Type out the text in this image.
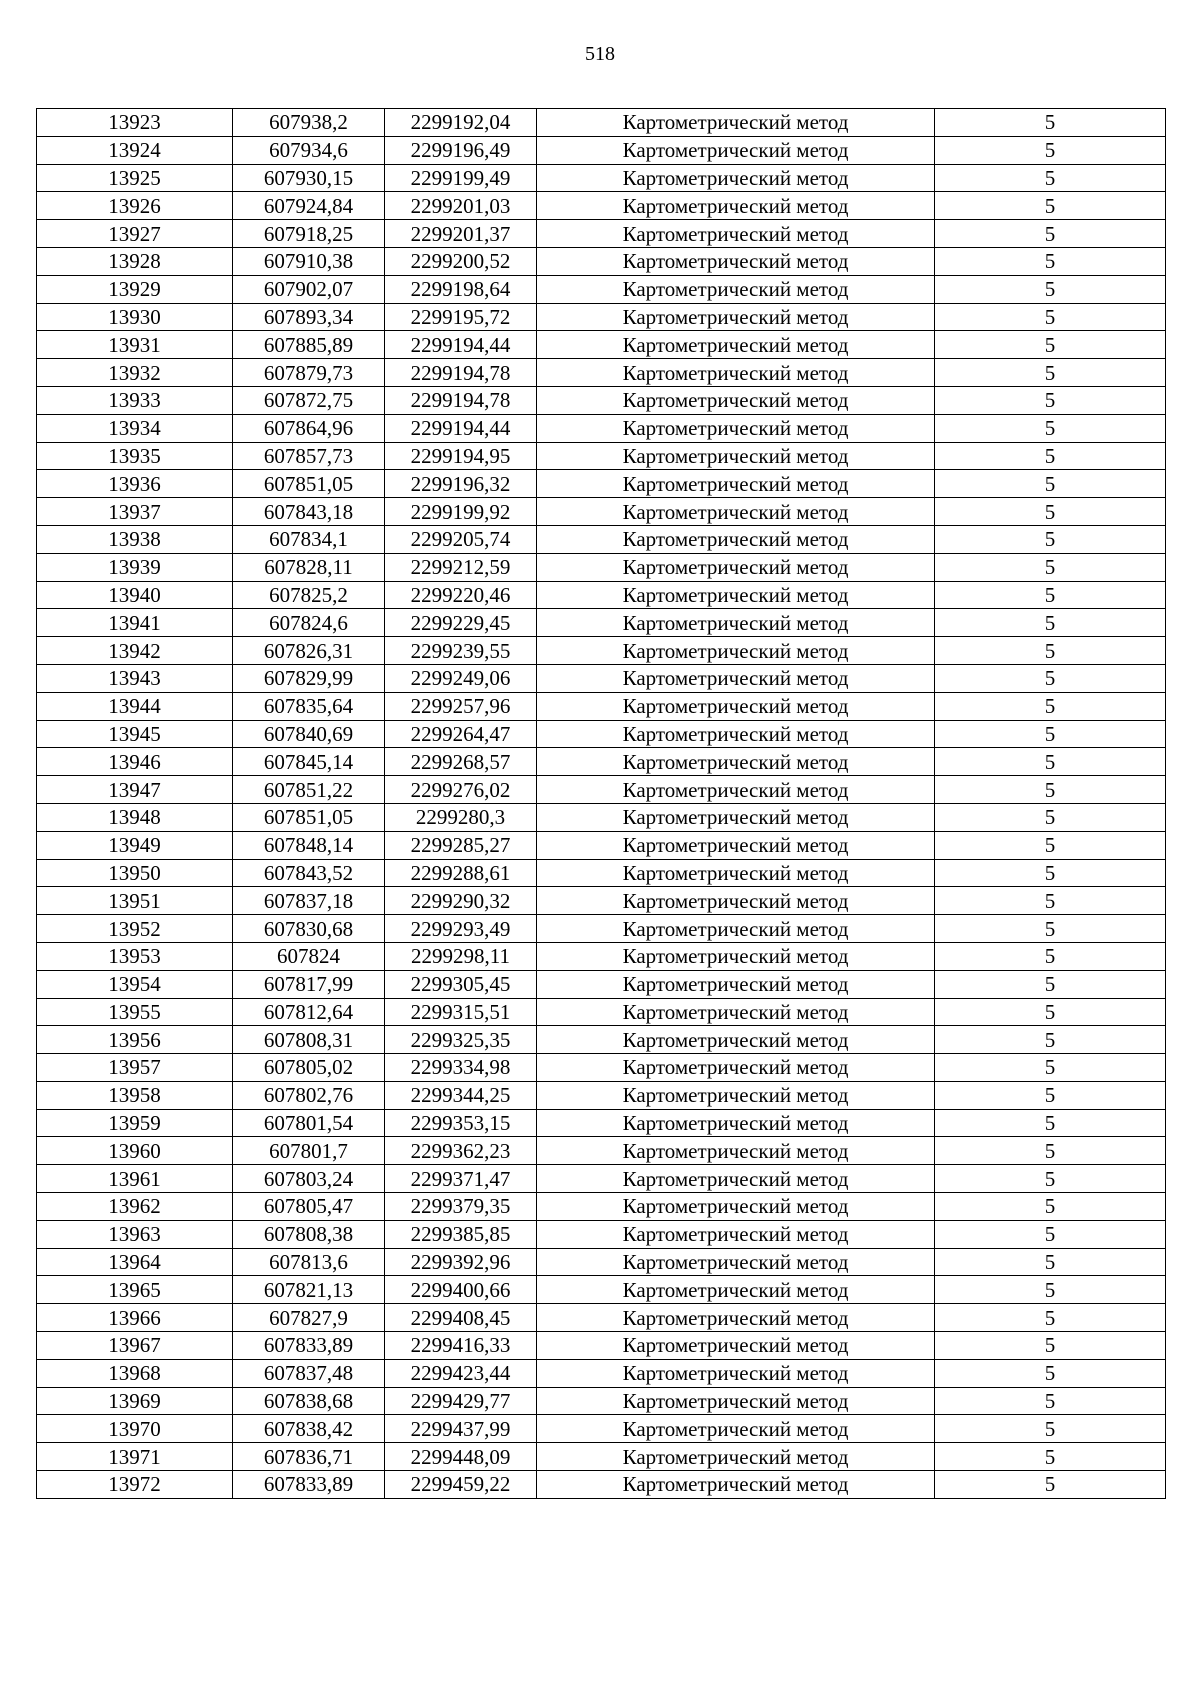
518
13923	607938,2	2299192,04	Картометрический метод	5
13924	607934,6	2299196,49	Картометрический метод	5
13925	607930,15	2299199,49	Картометрический метод	5
13926	607924,84	2299201,03	Картометрический метод	5
13927	607918,25	2299201,37	Картометрический метод	5
13928	607910,38	2299200,52	Картометрический метод	5
13929	607902,07	2299198,64	Картометрический метод	5
13930	607893,34	2299195,72	Картометрический метод	5
13931	607885,89	2299194,44	Картометрический метод	5
13932	607879,73	2299194,78	Картометрический метод	5
13933	607872,75	2299194,78	Картометрический метод	5
13934	607864,96	2299194,44	Картометрический метод	5
13935	607857,73	2299194,95	Картометрический метод	5
13936	607851,05	2299196,32	Картометрический метод	5
13937	607843,18	2299199,92	Картометрический метод	5
13938	607834,1	2299205,74	Картометрический метод	5
13939	607828,11	2299212,59	Картометрический метод	5
13940	607825,2	2299220,46	Картометрический метод	5
13941	607824,6	2299229,45	Картометрический метод	5
13942	607826,31	2299239,55	Картометрический метод	5
13943	607829,99	2299249,06	Картометрический метод	5
13944	607835,64	2299257,96	Картометрический метод	5
13945	607840,69	2299264,47	Картометрический метод	5
13946	607845,14	2299268,57	Картометрический метод	5
13947	607851,22	2299276,02	Картометрический метод	5
13948	607851,05	2299280,3	Картометрический метод	5
13949	607848,14	2299285,27	Картометрический метод	5
13950	607843,52	2299288,61	Картометрический метод	5
13951	607837,18	2299290,32	Картометрический метод	5
13952	607830,68	2299293,49	Картометрический метод	5
13953	607824	2299298,11	Картометрический метод	5
13954	607817,99	2299305,45	Картометрический метод	5
13955	607812,64	2299315,51	Картометрический метод	5
13956	607808,31	2299325,35	Картометрический метод	5
13957	607805,02	2299334,98	Картометрический метод	5
13958	607802,76	2299344,25	Картометрический метод	5
13959	607801,54	2299353,15	Картометрический метод	5
13960	607801,7	2299362,23	Картометрический метод	5
13961	607803,24	2299371,47	Картометрический метод	5
13962	607805,47	2299379,35	Картометрический метод	5
13963	607808,38	2299385,85	Картометрический метод	5
13964	607813,6	2299392,96	Картометрический метод	5
13965	607821,13	2299400,66	Картометрический метод	5
13966	607827,9	2299408,45	Картометрический метод	5
13967	607833,89	2299416,33	Картометрический метод	5
13968	607837,48	2299423,44	Картометрический метод	5
13969	607838,68	2299429,77	Картометрический метод	5
13970	607838,42	2299437,99	Картометрический метод	5
13971	607836,71	2299448,09	Картометрический метод	5
13972	607833,89	2299459,22	Картометрический метод	5
